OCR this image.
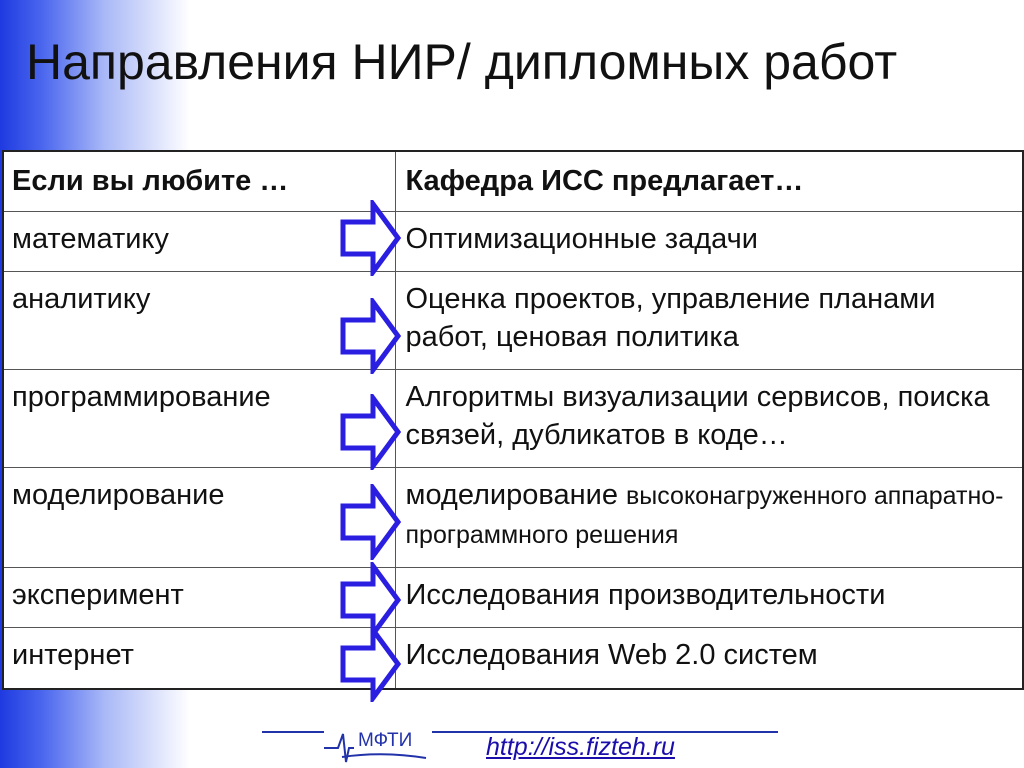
Направления НИР/ дипломных работ
Если вы любите …	Кафедра ИСС предлагает…
математику	Оптимизационные задачи
аналитику	Оценка проектов, управление планами работ, ценовая политика
программирование	Алгоритмы визуализации сервисов, поиска связей, дубликатов в коде…
моделирование	моделирование высоконагруженного аппаратно-программного решения
эксперимент	Исследования производительности
интернет	Исследования Web 2.0 систем
МФТИ	http://iss.fizteh.ru
